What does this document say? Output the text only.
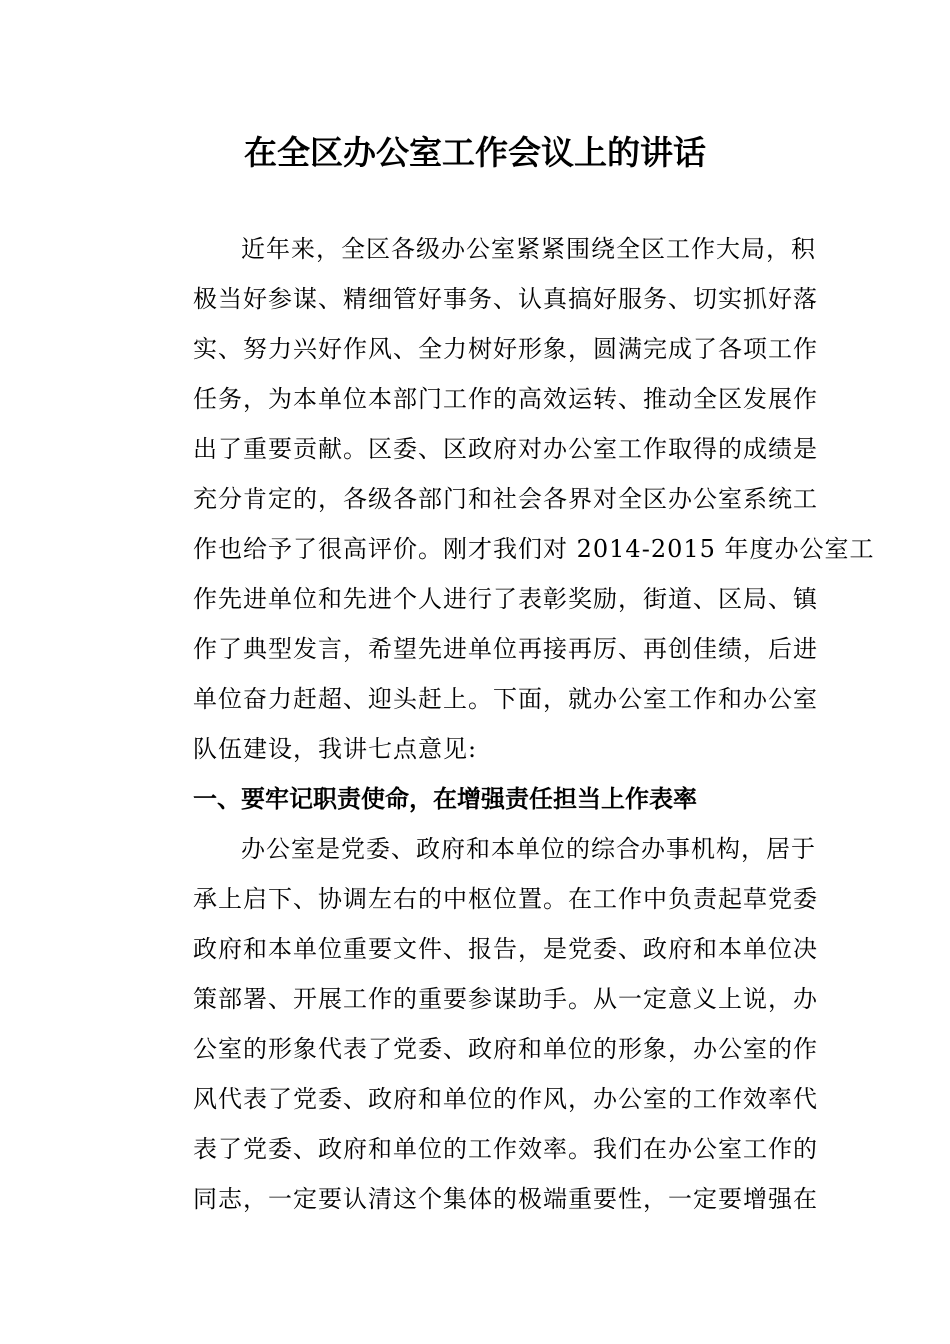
在全区办公室工作会议上的讲话
近年来，全区各级办公室紧紧围绕全区工作大局，积
极当好参谋、精细管好事务、认真搞好服务、切实抓好落
实、努力兴好作风、全力树好形象，圆满完成了各项工作
任务，为本单位本部门工作的高效运转、推动全区发展作
出了重要贡献。区委、区政府对办公室工作取得的成绩是
充分肯定的，各级各部门和社会各界对全区办公室系统工
作也给予了很高评价。刚才我们对 2014-2015 年度办公室工
作先进单位和先进个人进行了表彰奖励，街道、区局、镇
作了典型发言，希望先进单位再接再厉、再创佳绩，后进
单位奋力赶超、迎头赶上。下面，就办公室工作和办公室
队伍建设，我讲七点意见:
一、要牢记职责使命，在增强责任担当上作表率
办公室是党委、政府和本单位的综合办事机构，居于
承上启下、协调左右的中枢位置。在工作中负责起草党委
政府和本单位重要文件、报告，是党委、政府和本单位决
策部署、开展工作的重要参谋助手。从一定意义上说，办
公室的形象代表了党委、政府和单位的形象，办公室的作
风代表了党委、政府和单位的作风，办公室的工作效率代
表了党委、政府和单位的工作效率。我们在办公室工作的
同志，一定要认清这个集体的极端重要性，一定要增强在
